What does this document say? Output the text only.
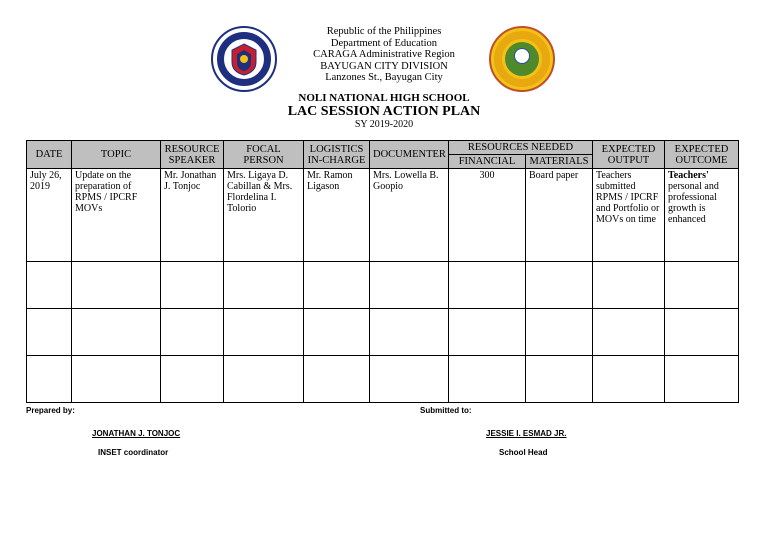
Republic of the Philippines
Department of Education
CARAGA Administrative Region
BAYUGAN CITY DIVISION
Lanzones St., Bayugan City
NOLI NATIONAL HIGH SCHOOL
LAC SESSION ACTION PLAN
SY 2019-2020
DATE	TOPIC	RESOURCE SPEAKER	FOCAL PERSON	LOGISTICS IN-CHARGE	DOCUMENTER	RESOURCES NEEDED		EXPECTED OUTPUT	EXPECTED OUTCOME
						FINANCIAL	MATERIALS		
July 26, 2019	Update on the preparation of RPMS / IPCRF MOVs	Mr. Jonathan J. Tonjoc	Mrs. Ligaya D. Cabillan & Mrs. Flordelina I. Tolorio	Mr. Ramon Ligason	Mrs. Lowella B. Goopio	300	Board paper	Teachers submitted RPMS / IPCRF and Portfolio or MOVs on time	Teachers' personal and professional growth is enhanced

Prepared by:
JONATHAN J. TONJOC
INSET coordinator
Submitted to:
JESSIE I. ESMAD JR.
School Head
